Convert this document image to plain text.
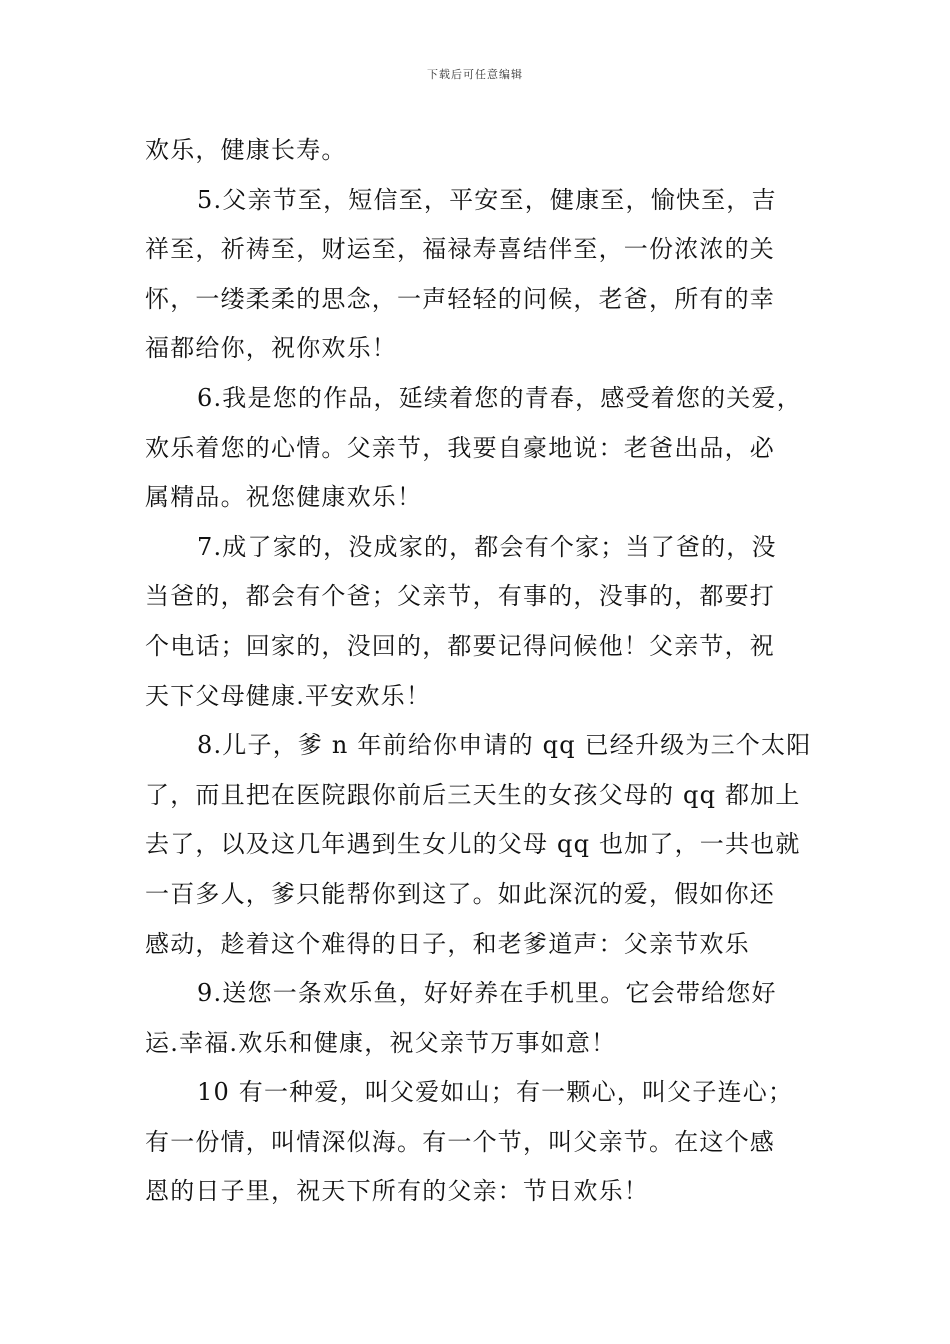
下载后可任意编辑
欢乐，健康长寿。
5.父亲节至，短信至，平安至，健康至，愉快至，吉
祥至，祈祷至，财运至，福禄寿喜结伴至，一份浓浓的关
怀，一缕柔柔的思念，一声轻轻的问候，老爸，所有的幸
福都给你，祝你欢乐！
6.我是您的作品，延续着您的青春，感受着您的关爱，
欢乐着您的心情。父亲节，我要自豪地说：老爸出品，必
属精品。祝您健康欢乐！
7.成了家的，没成家的，都会有个家；当了爸的，没
当爸的，都会有个爸；父亲节，有事的，没事的，都要打
个电话；回家的，没回的，都要记得问候他！父亲节，祝
天下父母健康.平安欢乐！
8.儿子，爹 n 年前给你申请的 qq 已经升级为三个太阳
了，而且把在医院跟你前后三天生的女孩父母的 qq 都加上
去了，以及这几年遇到生女儿的父母 qq 也加了，一共也就
一百多人，爹只能帮你到这了。如此深沉的爱，假如你还
感动，趁着这个难得的日子，和老爹道声：父亲节欢乐
9.送您一条欢乐鱼，好好养在手机里。它会带给您好
运.幸福.欢乐和健康，祝父亲节万事如意！
10 有一种爱，叫父爱如山；有一颗心，叫父子连心；
有一份情，叫情深似海。有一个节，叫父亲节。在这个感
恩的日子里，祝天下所有的父亲：节日欢乐！
